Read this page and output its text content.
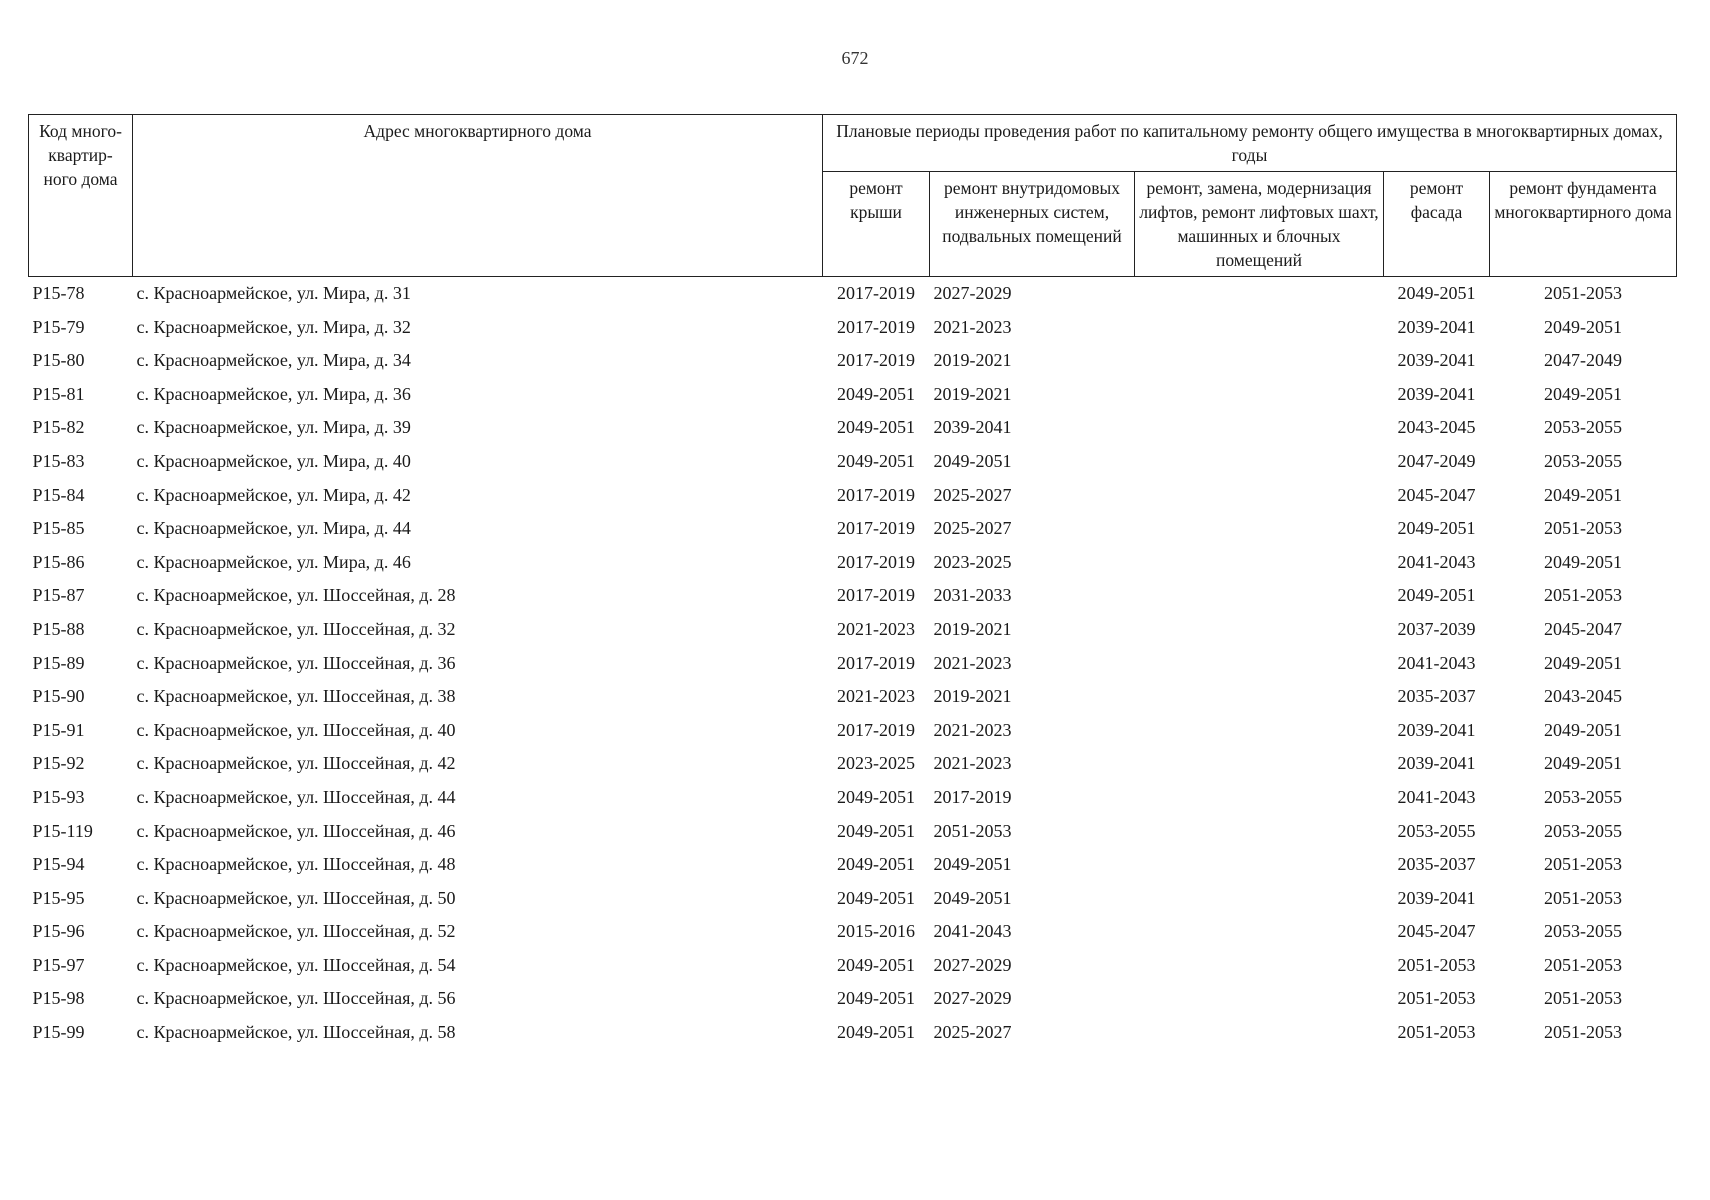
672
Код много-квартир-ного дома	Адрес многоквартирного дома	Плановые периоды проведения работ по капитальному ремонту общего имущества в многоквартирных домах, годы				
		ремонт крыши	ремонт внутридомовых инженерных систем, подвальных помещений	ремонт, замена, модернизация лифтов, ремонт лифтовых шахт, машинных и блочных помещений	ремонт фасада	ремонт фундамента многоквартирного дома
P15-78	с. Красноармейское, ул. Мира, д. 31	2017-2019	2027-2029		2049-2051	2051-2053
P15-79	с. Красноармейское, ул. Мира, д. 32	2017-2019	2021-2023		2039-2041	2049-2051
P15-80	с. Красноармейское, ул. Мира, д. 34	2017-2019	2019-2021		2039-2041	2047-2049
P15-81	с. Красноармейское, ул. Мира, д. 36	2049-2051	2019-2021		2039-2041	2049-2051
P15-82	с. Красноармейское, ул. Мира, д. 39	2049-2051	2039-2041		2043-2045	2053-2055
P15-83	с. Красноармейское, ул. Мира, д. 40	2049-2051	2049-2051		2047-2049	2053-2055
P15-84	с. Красноармейское, ул. Мира, д. 42	2017-2019	2025-2027		2045-2047	2049-2051
P15-85	с. Красноармейское, ул. Мира, д. 44	2017-2019	2025-2027		2049-2051	2051-2053
P15-86	с. Красноармейское, ул. Мира, д. 46	2017-2019	2023-2025		2041-2043	2049-2051
P15-87	с. Красноармейское, ул. Шоссейная, д. 28	2017-2019	2031-2033		2049-2051	2051-2053
P15-88	с. Красноармейское, ул. Шоссейная, д. 32	2021-2023	2019-2021		2037-2039	2045-2047
P15-89	с. Красноармейское, ул. Шоссейная, д. 36	2017-2019	2021-2023		2041-2043	2049-2051
P15-90	с. Красноармейское, ул. Шоссейная, д. 38	2021-2023	2019-2021		2035-2037	2043-2045
P15-91	с. Красноармейское, ул. Шоссейная, д. 40	2017-2019	2021-2023		2039-2041	2049-2051
P15-92	с. Красноармейское, ул. Шоссейная, д. 42	2023-2025	2021-2023		2039-2041	2049-2051
P15-93	с. Красноармейское, ул. Шоссейная, д. 44	2049-2051	2017-2019		2041-2043	2053-2055
P15-119	с. Красноармейское, ул. Шоссейная, д. 46	2049-2051	2051-2053		2053-2055	2053-2055
P15-94	с. Красноармейское, ул. Шоссейная, д. 48	2049-2051	2049-2051		2035-2037	2051-2053
P15-95	с. Красноармейское, ул. Шоссейная, д. 50	2049-2051	2049-2051		2039-2041	2051-2053
P15-96	с. Красноармейское, ул. Шоссейная, д. 52	2015-2016	2041-2043		2045-2047	2053-2055
P15-97	с. Красноармейское, ул. Шоссейная, д. 54	2049-2051	2027-2029		2051-2053	2051-2053
P15-98	с. Красноармейское, ул. Шоссейная, д. 56	2049-2051	2027-2029		2051-2053	2051-2053
P15-99	с. Красноармейское, ул. Шоссейная, д. 58	2049-2051	2025-2027		2051-2053	2051-2053
